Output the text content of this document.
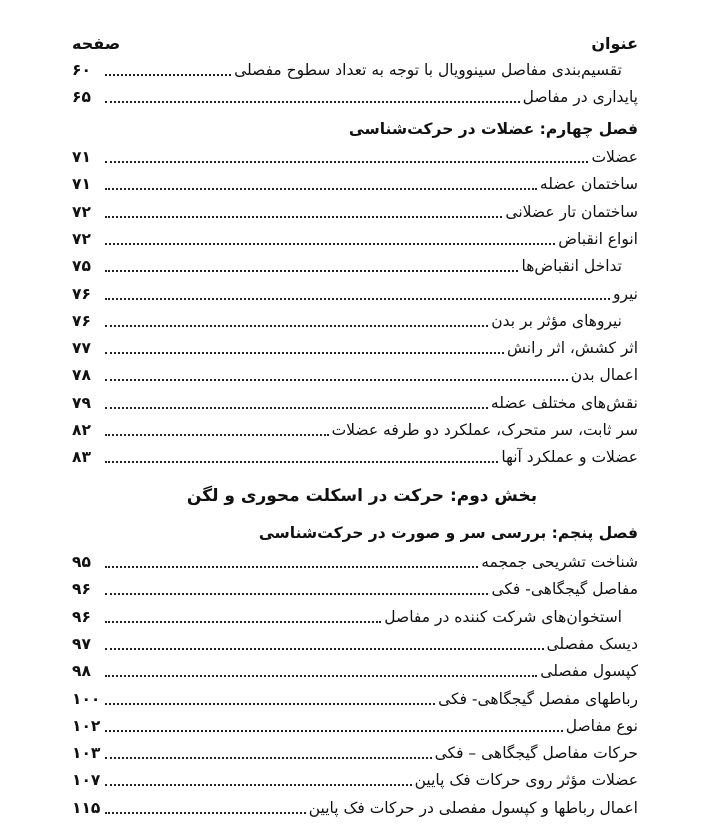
عنوان
صفحه
تقسیم‌بندی مفاصل سینوویال با توجه به تعداد سطوح مفصلی
۶۰
پایداری در مفاصل
۶۵
فصل چهارم: عضلات در حرکت‌شناسی
عضلات
۷۱
ساختمان عضله
۷۱
ساختمان تار عضلانی
۷۲
انواع انقباض
۷۲
تداخل انقباض‌ها
۷۵
نیرو
۷۶
نیروهای مؤثر بر بدن
۷۶
اثر کشش، اثر رانش
۷۷
اعمال بدن
۷۸
نقش‌های مختلف عضله
۷۹
سر ثابت، سر متحرک، عملکرد دو طرفه عضلات
۸۲
عضلات و عملکرد آنها
۸۳
بخش دوم: حرکت در اسکلت محوری و لگن
فصل پنجم: بررسی سر و صورت در حرکت‌شناسی
شناخت تشریحی جمجمه
۹۵
مفاصل گیجگاهی- فکی
۹۶
استخوان‌های شرکت کننده در مفاصل
۹۶
دیسک مفصلی
۹۷
کپسول مفصلی
۹۸
رباطهای مفصل گیجگاهی- فکی
۱۰۰
نوع مفاصل
۱۰۲
حرکات مفاصل گیجگاهی – فکی
۱۰۳
عضلات مؤثر روی حرکات فک پایین
۱۰۷
اعمال رباطها و کپسول مفصلی در حرکات فک پایین
۱۱۵
